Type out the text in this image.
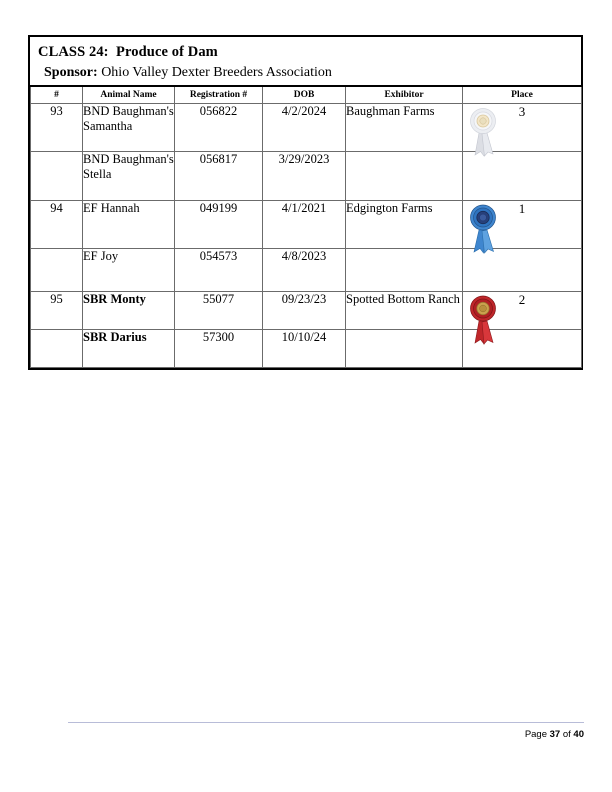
CLASS 24:  Produce of Dam
Sponsor: Ohio Valley Dexter Breeders Association
#	Animal Name	Registration #	DOB	Exhibitor	Place
93	BND Baughman's Samantha	056822	4/2/2024	Baughman Farms	3
	BND Baughman's Stella	056817	3/29/2023		
94	EF Hannah	049199	4/1/2021	Edgington Farms	1
	EF Joy	054573	4/8/2023		
95	SBR Monty	55077	09/23/23	Spotted Bottom Ranch	2
	SBR Darius	57300	10/10/24		
Page 37 of 40
